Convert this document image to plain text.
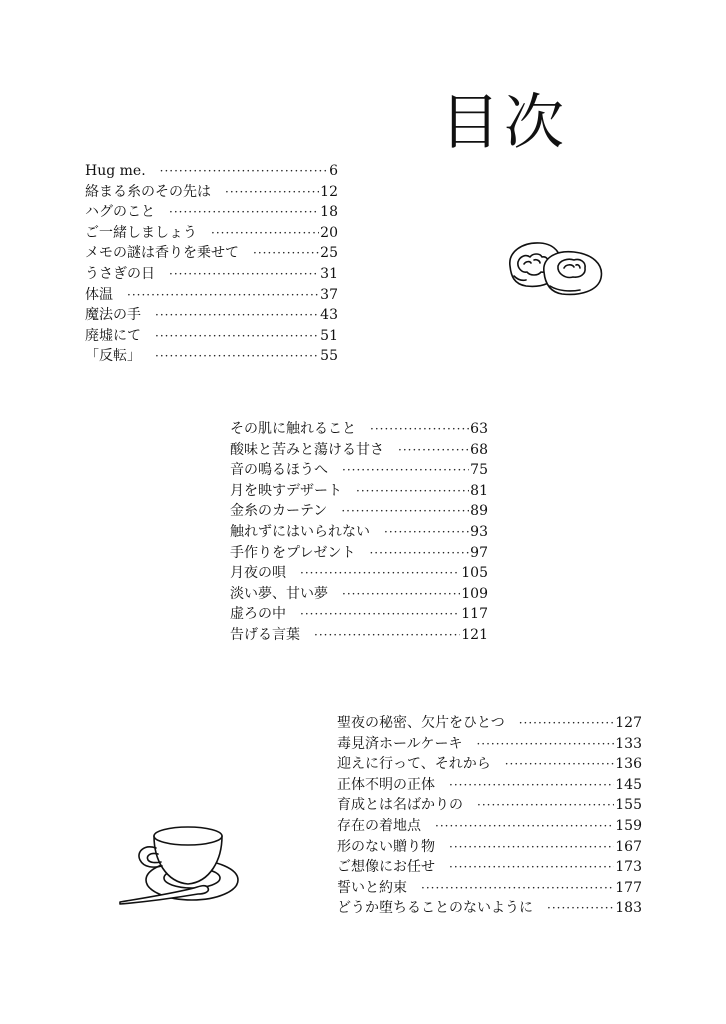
目次
Hug me. ·····	6
絡まる糸のその先は ·····	12
ハグのこと ·····	18
ご一緒しましょう ·····	20
メモの謎は香りを乗せて ·····	25
うさぎの日 ·····	31
体温 ·····	37
魔法の手 ·····	43
廃墟にて ·····	51
「反転」 ·····	55
その肌に触れること ·····	63
酸味と苦みと蕩ける甘さ ·····	68
音の鳴るほうへ ·····	75
月を映すデザート ·····	81
金糸のカーテン ·····	89
触れずにはいられない ·····	93
手作りをプレゼント ·····	97
月夜の唄 ·····	105
淡い夢、甘い夢 ·····	109
虚ろの中 ·····	117
告げる言葉 ·····	121
聖夜の秘密、欠片をひとつ ·····	127
毒見済ホールケーキ ·····	133
迎えに行って、それから ·····	136
正体不明の正体 ·····	145
育成とは名ばかりの ·····	155
存在の着地点 ·····	159
形のない贈り物 ·····	167
ご想像にお任せ ·····	173
誓いと約束 ·····	177
どうか堕ちることのないように ·····	183
